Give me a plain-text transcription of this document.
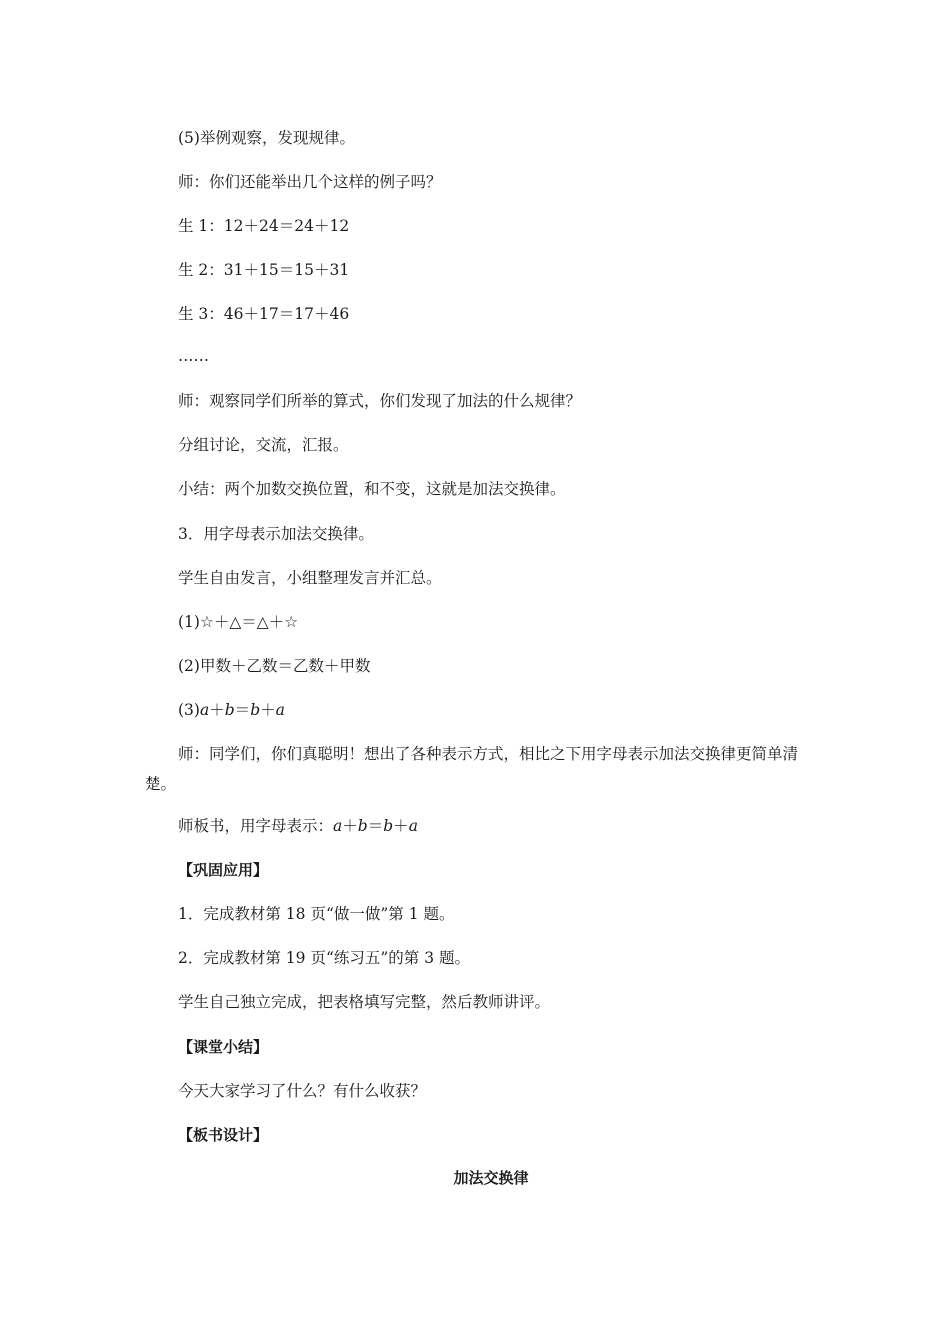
(5)举例观察，发现规律。
师：你们还能举出几个这样的例子吗？
生 1：12＋24＝24＋12
生 2：31＋15＝15＋31
生 3：46＋17＝17＋46
……
师：观察同学们所举的算式，你们发现了加法的什么规律？
分组讨论，交流，汇报。
小结：两个加数交换位置，和不变，这就是加法交换律。
3．用字母表示加法交换律。
学生自由发言，小组整理发言并汇总。
(1)☆＋△＝△＋☆
(2)甲数＋乙数＝乙数＋甲数
(3)a＋b＝b＋a
师：同学们，你们真聪明！想出了各种表示方式，相比之下用字母表示加法交换律更简单清楚。
师板书，用字母表示：a＋b＝b＋a
【巩固应用】
1．完成教材第 18 页“做一做”第 1 题。
2．完成教材第 19 页“练习五”的第 3 题。
学生自己独立完成，把表格填写完整，然后教师讲评。
【课堂小结】
今天大家学习了什么？有什么收获？
【板书设计】
加法交换律
